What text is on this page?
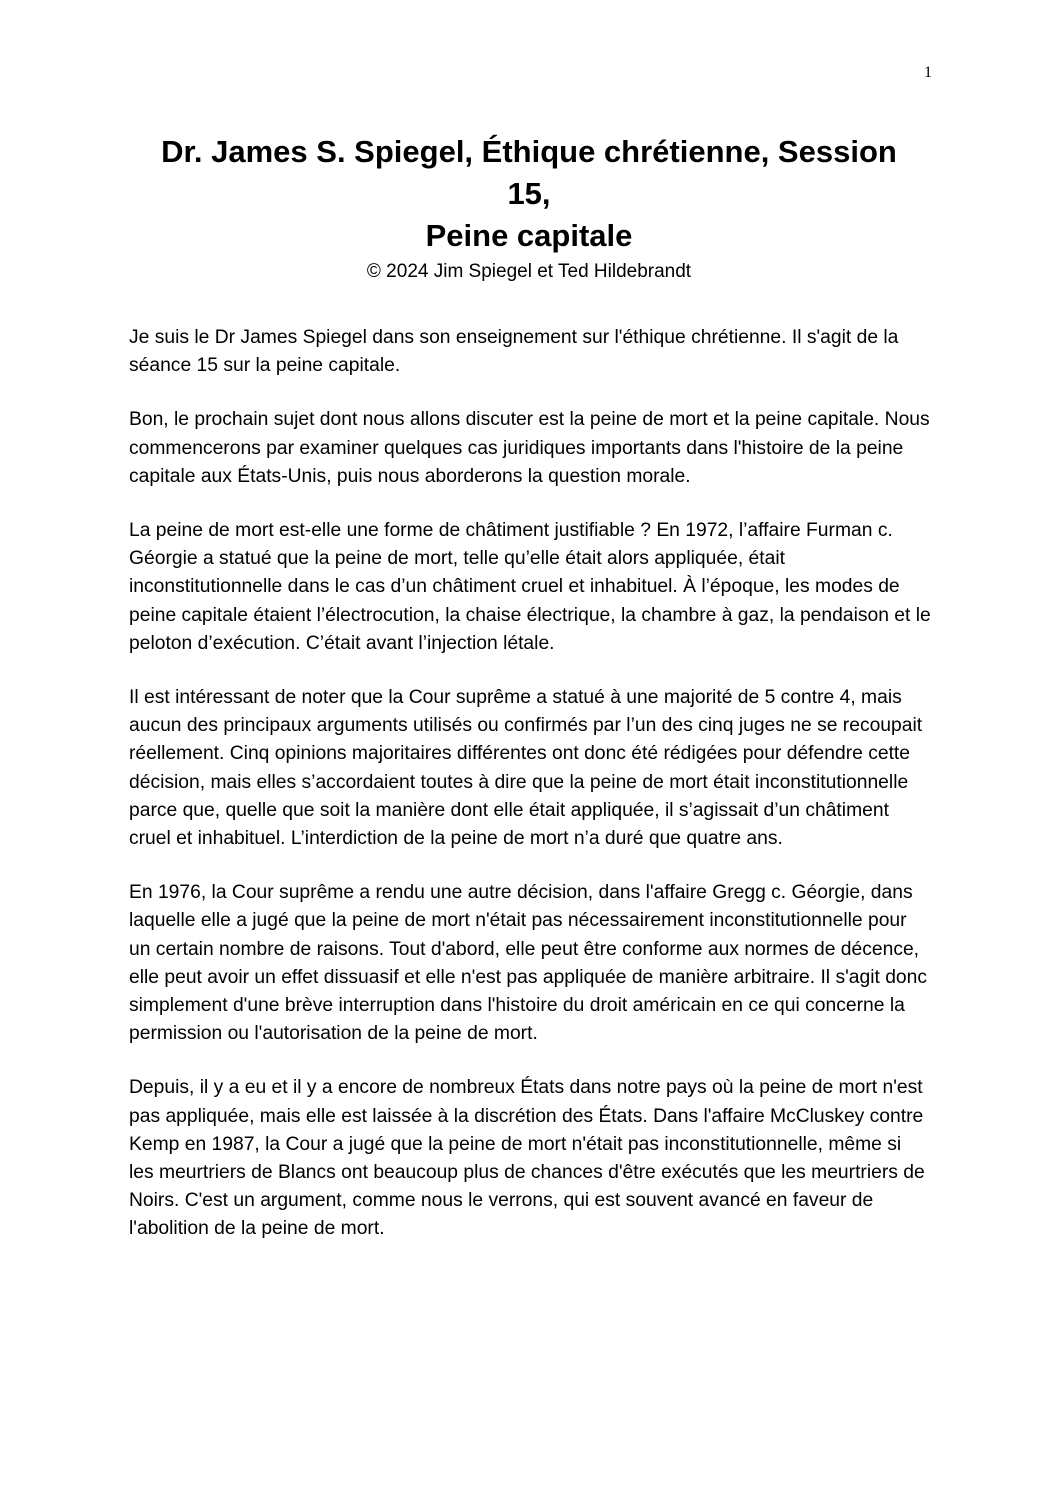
1
Dr. James S. Spiegel, Éthique chrétienne, Session
15,
Peine capitale

© 2024 Jim Spiegel et Ted Hildebrandt

Je suis le Dr James Spiegel dans son enseignement sur l'éthique chrétienne. Il s'agit de la séance 15 sur la peine capitale.

Bon, le prochain sujet dont nous allons discuter est la peine de mort et la peine capitale. Nous commencerons par examiner quelques cas juridiques importants dans l'histoire de la peine capitale aux États-Unis, puis nous aborderons la question morale.

La peine de mort est-elle une forme de châtiment justifiable ? En 1972, l’affaire Furman c. Géorgie a statué que la peine de mort, telle qu’elle était alors appliquée, était inconstitutionnelle dans le cas d’un châtiment cruel et inhabituel. À l’époque, les modes de peine capitale étaient l’électrocution, la chaise électrique, la chambre à gaz, la pendaison et le peloton d’exécution. C’était avant l’injection létale.

Il est intéressant de noter que la Cour suprême a statué à une majorité de 5 contre 4, mais aucun des principaux arguments utilisés ou confirmés par l’un des cinq juges ne se recoupait réellement. Cinq opinions majoritaires différentes ont donc été rédigées pour défendre cette décision, mais elles s’accordaient toutes à dire que la peine de mort était inconstitutionnelle parce que, quelle que soit la manière dont elle était appliquée, il s’agissait d’un châtiment cruel et inhabituel. L’interdiction de la peine de mort n’a duré que quatre ans.

En 1976, la Cour suprême a rendu une autre décision, dans l'affaire Gregg c. Géorgie, dans laquelle elle a jugé que la peine de mort n'était pas nécessairement inconstitutionnelle pour un certain nombre de raisons. Tout d'abord, elle peut être conforme aux normes de décence, elle peut avoir un effet dissuasif et elle n'est pas appliquée de manière arbitraire. Il s'agit donc simplement d'une brève interruption dans l'histoire du droit américain en ce qui concerne la permission ou l'autorisation de la peine de mort.

Depuis, il y a eu et il y a encore de nombreux États dans notre pays où la peine de mort n'est pas appliquée, mais elle est laissée à la discrétion des États. Dans l'affaire McCluskey contre Kemp en 1987, la Cour a jugé que la peine de mort n'était pas inconstitutionnelle, même si les meurtriers de Blancs ont beaucoup plus de chances d'être exécutés que les meurtriers de Noirs. C'est un argument, comme nous le verrons, qui est souvent avancé en faveur de l'abolition de la peine de mort.
